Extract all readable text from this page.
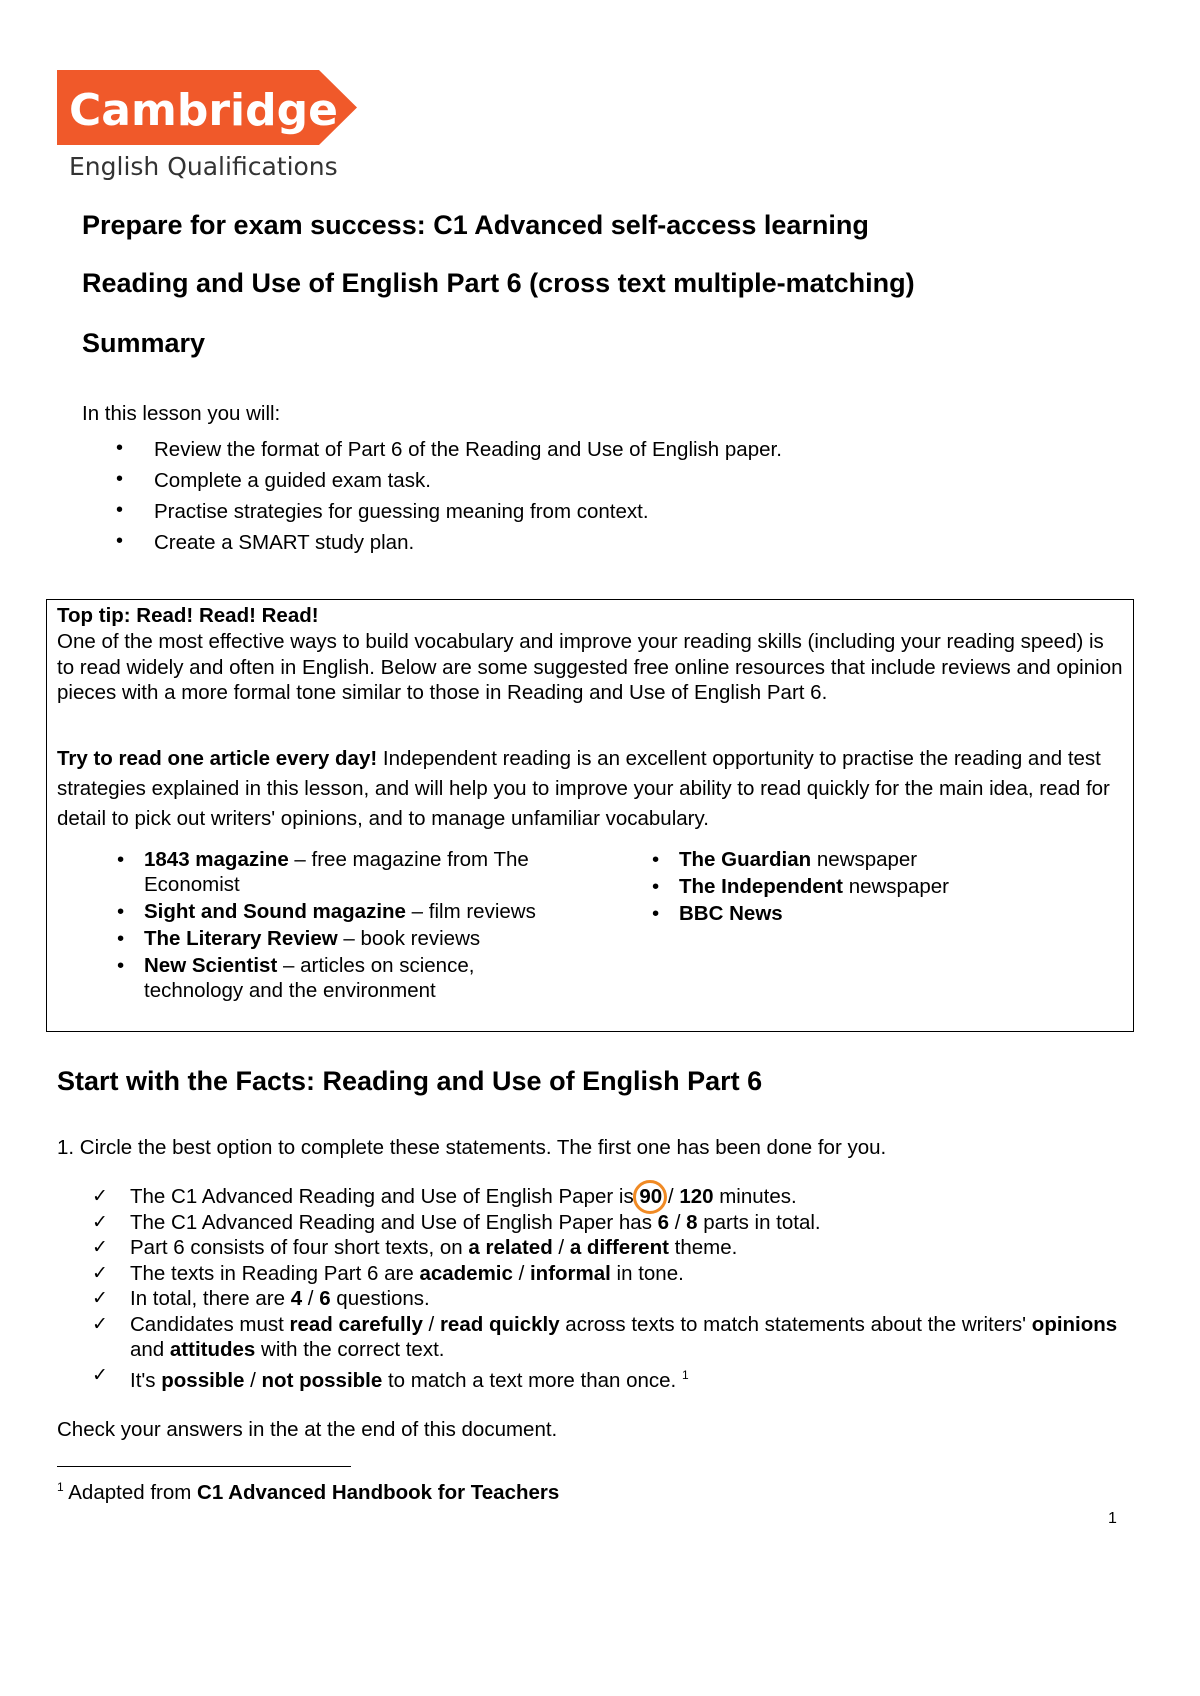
Cambridge
English Qualifications
Prepare for exam success: C1 Advanced self-access learning
Reading and Use of English Part 6 (cross text multiple-matching)
Summary
In this lesson you will:
• Review the format of Part 6 of the Reading and Use of English paper.
• Complete a guided exam task.
• Practise strategies for guessing meaning from context.
• Create a SMART study plan.
Top tip: Read! Read! Read!
One of the most effective ways to build vocabulary and improve your reading skills (including your reading speed) is to read widely and often in English. Below are some suggested free online resources that include reviews and opinion pieces with a more formal tone similar to those in Reading and Use of English Part 6.
Try to read one article every day! Independent reading is an excellent opportunity to practise the reading and test strategies explained in this lesson, and will help you to improve your ability to read quickly for the main idea, read for detail to pick out writers' opinions, and to manage unfamiliar vocabulary.
• 1843 magazine – free magazine from The Economist
• Sight and Sound magazine – film reviews
• The Literary Review – book reviews
• New Scientist – articles on science, technology and the environment
• The Guardian newspaper
• The Independent newspaper
• BBC News
Start with the Facts: Reading and Use of English Part 6
1. Circle the best option to complete these statements. The first one has been done for you.
✓ The C1 Advanced Reading and Use of English Paper is 90
/ 120 minutes.
✓ The C1 Advanced Reading and Use of English Paper has 6 / 8 parts in total.
✓ Part 6 consists of four short texts, on a related / a different theme.
✓ The texts in Reading Part 6 are academic / informal in tone.
✓ In total, there are 4 / 6 questions.
✓ Candidates must read carefully / read quickly across texts to match statements about the writers' opinions and attitudes with the correct text.
✓ It's possible / not possible to match a text more than once. $^1$
Check your answers in the at the end of this document.
$^1$ Adapted from C1 Advanced Handbook for Teachers
1
